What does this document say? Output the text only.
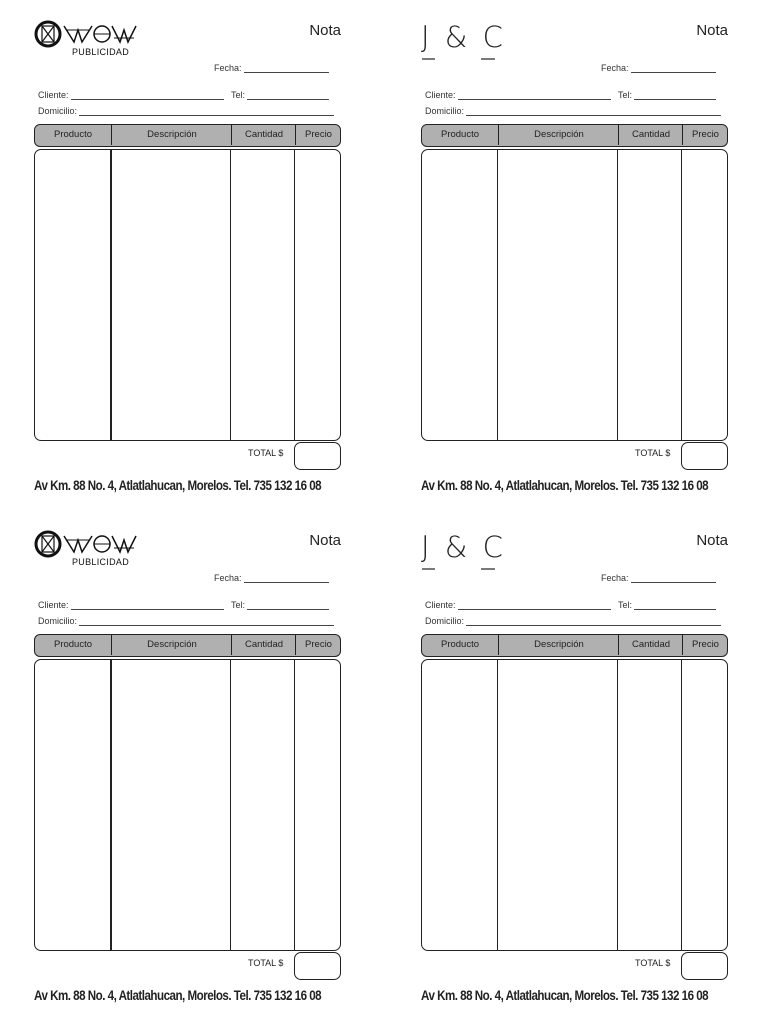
PUBLICIDAD
Nota
Fecha:
Cliente:	Tel:
Domicilio:
Producto	Descripción	Cantidad	Precio
TOTAL $
Av Km. 88 No. 4, Atlatlahucan, Morelos. Tel. 735 132 16 08
J & C	Nota
Fecha:
Cliente:	Tel:
Domicilio:
Producto	Descripción	Cantidad	Precio
TOTAL $
Av Km. 88 No. 4, Atlatlahucan, Morelos. Tel. 735 132 16 08
PUBLICIDAD
Nota
Fecha:
Cliente:	Tel:
Domicilio:
Producto	Descripción	Cantidad	Precio
TOTAL $
Av Km. 88 No. 4, Atlatlahucan, Morelos. Tel. 735 132 16 08
J & C	Nota
Fecha:
Cliente:	Tel:
Domicilio:
Producto	Descripción	Cantidad	Precio
TOTAL $
Av Km. 88 No. 4, Atlatlahucan, Morelos. Tel. 735 132 16 08
